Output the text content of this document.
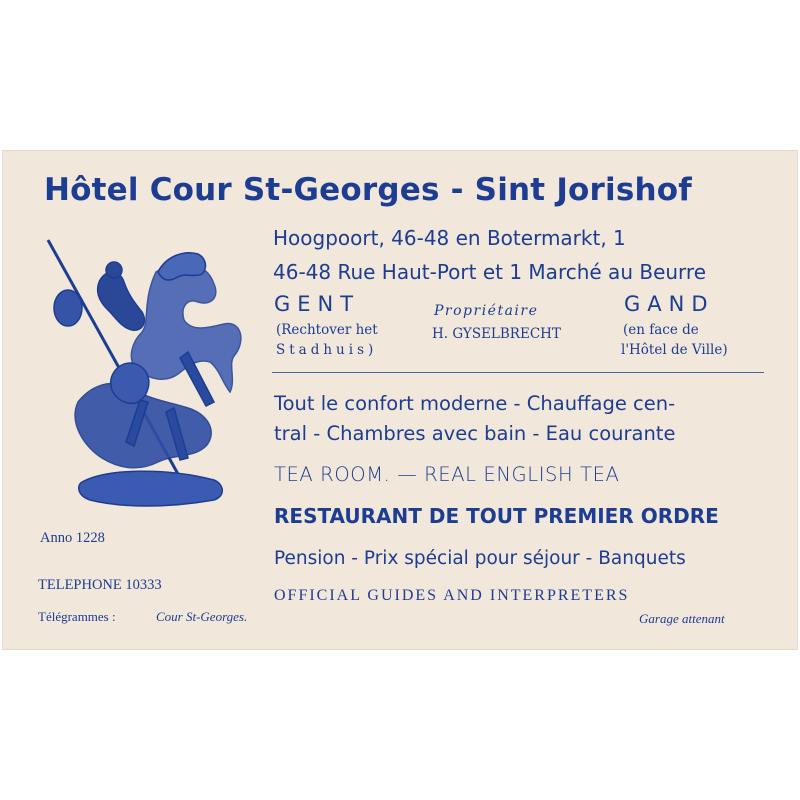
Hôtel Cour St-Georges - Sint Jorishof
Hoogpoort, 46-48 en Botermarkt, 1
46-48 Rue Haut-Port et 1 Marché au Beurre
GENT	Propriétaire	GAND
(Rechtover het
Stadhuis)
H. GYSELBRECHT	(en face de
l'Hôtel de Ville)
Tout le confort moderne - Chauffage cen-
tral - Chambres avec bain - Eau courante
TEA ROOM. — REAL ENGLISH TEA
RESTAURANT DE TOUT PREMIER ORDRE
Pension - Prix spécial pour séjour - Banquets
OFFICIAL GUIDES AND INTERPRETERS
Garage attenant
Anno 1228
TELEPHONE 10333
Télégrammes :	Cour St-Georges.
